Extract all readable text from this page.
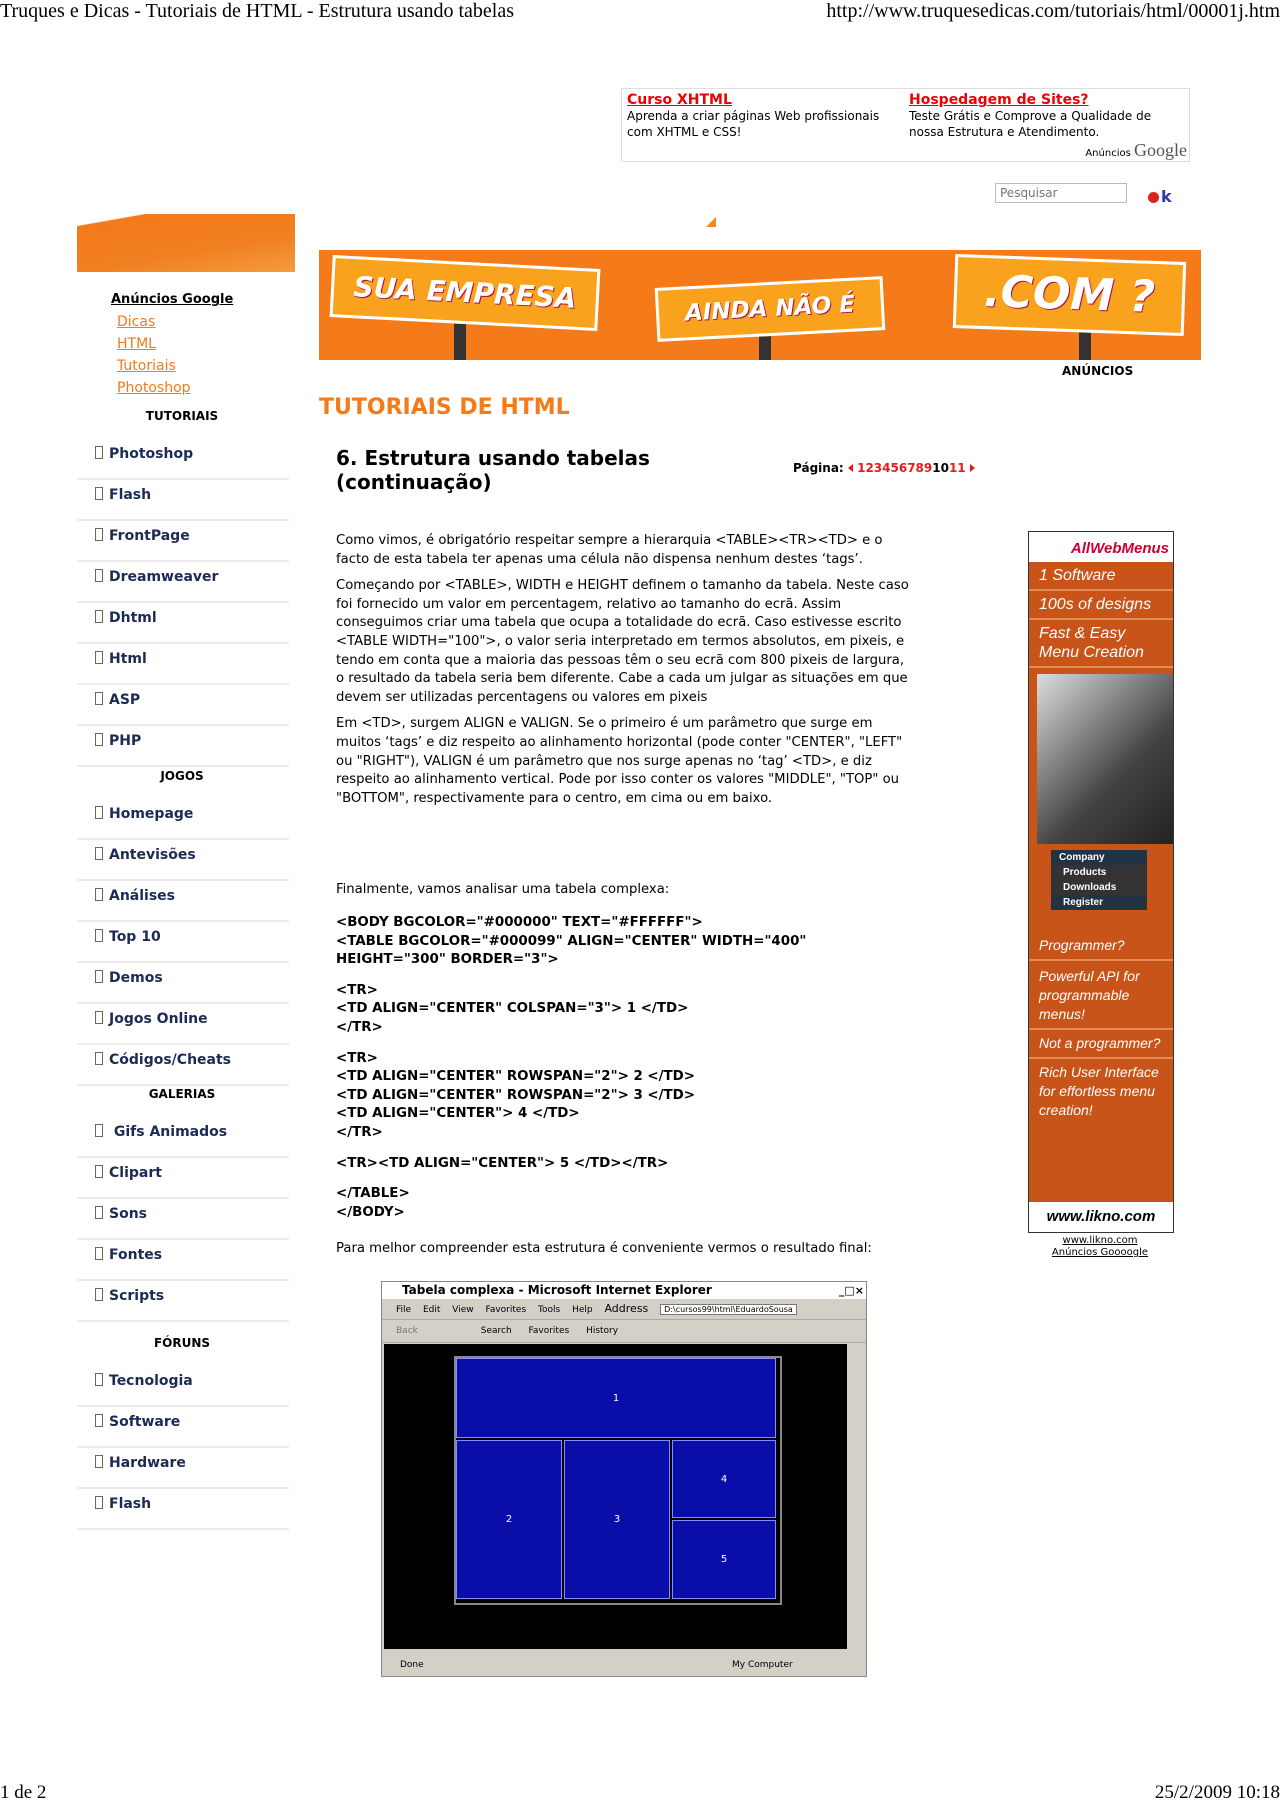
Truques e Dicas - Tutoriais de HTML - Estrutura usando tabelas	http://www.truquesedicas.com/tutoriais/html/00001j.htm
1 de 2	25/2/2009 10:18
Curso XHTML
Aprenda a criar páginas Web profissionais com XHTML e CSS!
Hospedagem de Sites?
Teste Grátis e Comprove a Qualidade de nossa Estrutura e Atendimento.
Anúncios Google
Pesquisar
k
SUA EMPRESA	AINDA NÃO É	.COM ?
ANÚNCIOS
Anúncios Google
Dicas
HTML
Tutoriais
Photoshop
TUTORIAIS
Photoshop
Flash
FrontPage
Dreamweaver
Dhtml
Html
ASP
PHP
JOGOS
Homepage
Antevisões
Análises
Top 10
Demos
Jogos Online
Códigos/Cheats
GALERIAS
Gifs Animados
Clipart
Sons
Fontes
Scripts
FÓRUNS
Tecnologia
Software
Hardware
Flash
TUTORIAIS DE HTML
6. Estrutura usando tabelas (continuação)
Página: 1234567891011

Como vimos, é obrigatório respeitar sempre a hierarquia <TABLE><TR><TD> e o facto de esta tabela ter apenas uma célula não dispensa nenhum destes ‘tags’.

Começando por <TABLE>, WIDTH e HEIGHT definem o tamanho da tabela. Neste caso foi fornecido um valor em percentagem, relativo ao tamanho do ecrã. Assim conseguimos criar uma tabela que ocupa a totalidade do ecrã. Caso estivesse escrito <TABLE WIDTH="100">, o valor seria interpretado em termos absolutos, em pixeis, e tendo em conta que a maioria das pessoas têm o seu ecrã com 800 pixeis de largura, o resultado da tabela seria bem diferente. Cabe a cada um julgar as situações em que devem ser utilizadas percentagens ou valores em pixeis

Em <TD>, surgem ALIGN e VALIGN. Se o primeiro é um parâmetro que surge em muitos ‘tags’ e diz respeito ao alinhamento horizontal (pode conter "CENTER", "LEFT" ou "RIGHT"), VALIGN é um parâmetro que nos surge apenas no ‘tag’ <TD>, e diz respeito ao alinhamento vertical. Pode por isso conter os valores "MIDDLE", "TOP" ou "BOTTOM", respectivamente para o centro, em cima ou em baixo.

Finalmente, vamos analisar uma tabela complexa:
<BODY BGCOLOR="#000000" TEXT="#FFFFFF">
<TABLE BGCOLOR="#000099" ALIGN="CENTER" WIDTH="400"
HEIGHT="300" BORDER="3">
<TR>
<TD ALIGN="CENTER" COLSPAN="3"> 1 </TD>
</TR>
<TR>
<TD ALIGN="CENTER" ROWSPAN="2"> 2 </TD>
<TD ALIGN="CENTER" ROWSPAN="2"> 3 </TD>
<TD ALIGN="CENTER"> 4 </TD>
</TR>
<TR><TD ALIGN="CENTER"> 5 </TD></TR>
</TABLE>
</BODY>
Para melhor compreender esta estrutura é conveniente vermos o resultado final:
AllWebMenus
1 Software
100s of designs
Fast & Easy Menu Creation
Company
Products
Downloads
Register
Programmer?
Powerful API for programmable menus!
Not a programmer?
Rich User Interface for effortless menu creation!
www.likno.com
www.likno.com
Anúncios Goooogle
Tabela complexa - Microsoft Internet Explorer	_□×
File Edit View Favorites Tools Help Address D:\cursos99\html\EduardoSousa
Back	Search Favorites History
1
2	3
4
5
Done	My Computer
